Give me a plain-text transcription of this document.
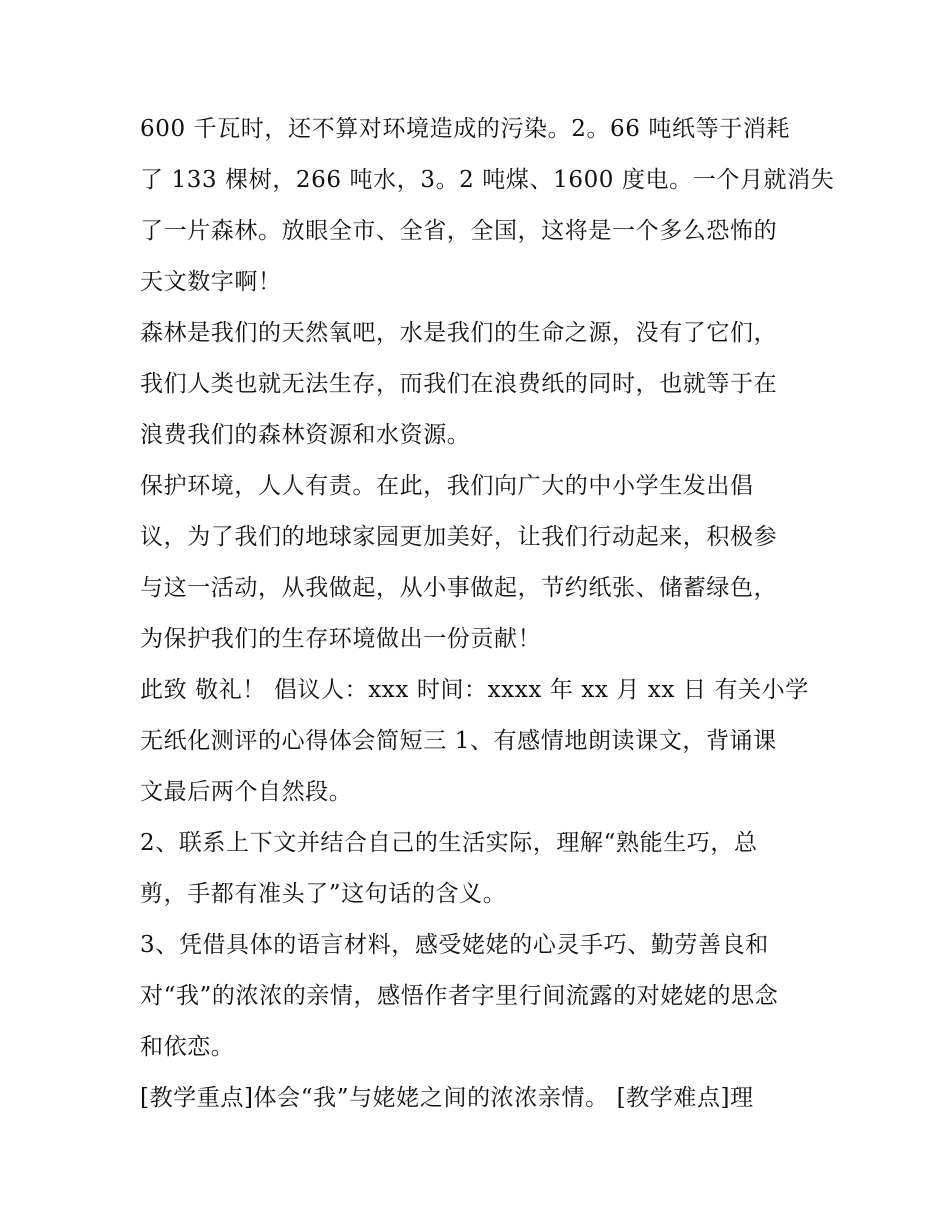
600 千瓦时，还不算对环境造成的污染。2。66 吨纸等于消耗
了 133 棵树，266 吨水，3。2 吨煤、1600 度电。一个月就消失
了一片森林。放眼全市、全省，全国，这将是一个多么恐怖的
天文数字啊！
森林是我们的天然氧吧，水是我们的生命之源，没有了它们，
我们人类也就无法生存，而我们在浪费纸的同时，也就等于在
浪费我们的森林资源和水资源。
保护环境，人人有责。在此，我们向广大的中小学生发出倡
议，为了我们的地球家园更加美好，让我们行动起来，积极参
与这一活动，从我做起，从小事做起，节约纸张、储蓄绿色，
为保护我们的生存环境做出一份贡献！
此致 敬礼！ 倡议人：xxx 时间：xxxx 年 xx 月 xx 日 有关小学
无纸化测评的心得体会简短三 1、有感情地朗读课文，背诵课
文最后两个自然段。
2、联系上下文并结合自己的生活实际，理解“熟能生巧，总
剪，手都有准头了”这句话的含义。
3、凭借具体的语言材料，感受姥姥的心灵手巧、勤劳善良和
对“我”的浓浓的亲情，感悟作者字里行间流露的对姥姥的思念
和依恋。
[教学重点]体会“我”与姥姥之间的浓浓亲情。 [教学难点]理
